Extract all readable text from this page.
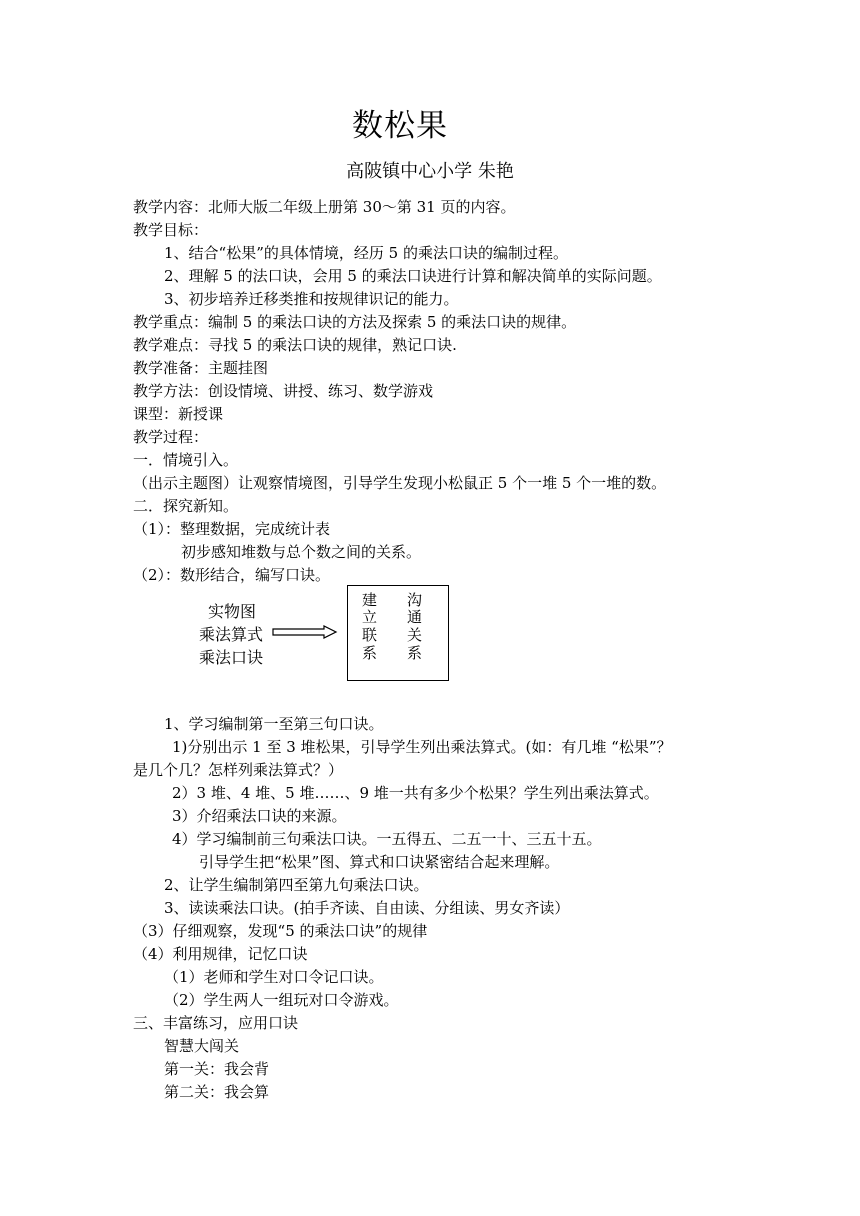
数松果
高陂镇中心小学 朱艳
教学内容：北师大版二年级上册第 30～第 31 页的内容。
教学目标：
1、结合“松果”的具体情境，经历 5 的乘法口诀的编制过程。
2、理解 5 的法口诀，会用 5 的乘法口诀进行计算和解决简单的实际问题。
3、初步培养迁移类推和按规律识记的能力。
教学重点：编制 5 的乘法口诀的方法及探索 5 的乘法口诀的规律。
教学难点：寻找 5 的乘法口诀的规律，熟记口诀.
教学准备：主题挂图
教学方法：创设情境、讲授、练习、数学游戏
课型：新授课
教学过程：
一．情境引入。
（出示主题图）让观察情境图，引导学生发现小松鼠正 5 个一堆 5 个一堆的数。
二．探究新知。
（1）：整理数据，完成统计表
初步感知堆数与总个数之间的关系。
（2）：数形结合，编写口诀。
实物图
乘法算式
乘法口诀
建
立
联
系
沟
通
关
系
1、学习编制第一至第三句口诀。
1)分别出示 1 至 3 堆松果，引导学生列出乘法算式。(如：有几堆 “松果”？
是几个几？怎样列乘法算式？）
2）3 堆、4 堆、5 堆……、9 堆一共有多少个松果？学生列出乘法算式。
3）介绍乘法口诀的来源。
4）学习编制前三句乘法口诀。一五得五、二五一十、三五十五。
引导学生把“松果”图、算式和口诀紧密结合起来理解。
2、让学生编制第四至第九句乘法口诀。
3、读读乘法口诀。(拍手齐读、自由读、分组读、男女齐读）
（3）仔细观察，发现“5 的乘法口诀”的规律
（4）利用规律，记忆口诀
（1）老师和学生对口令记口诀。
（2）学生两人一组玩对口令游戏。
三、丰富练习，应用口诀
智慧大闯关
第一关：我会背
第二关：我会算
